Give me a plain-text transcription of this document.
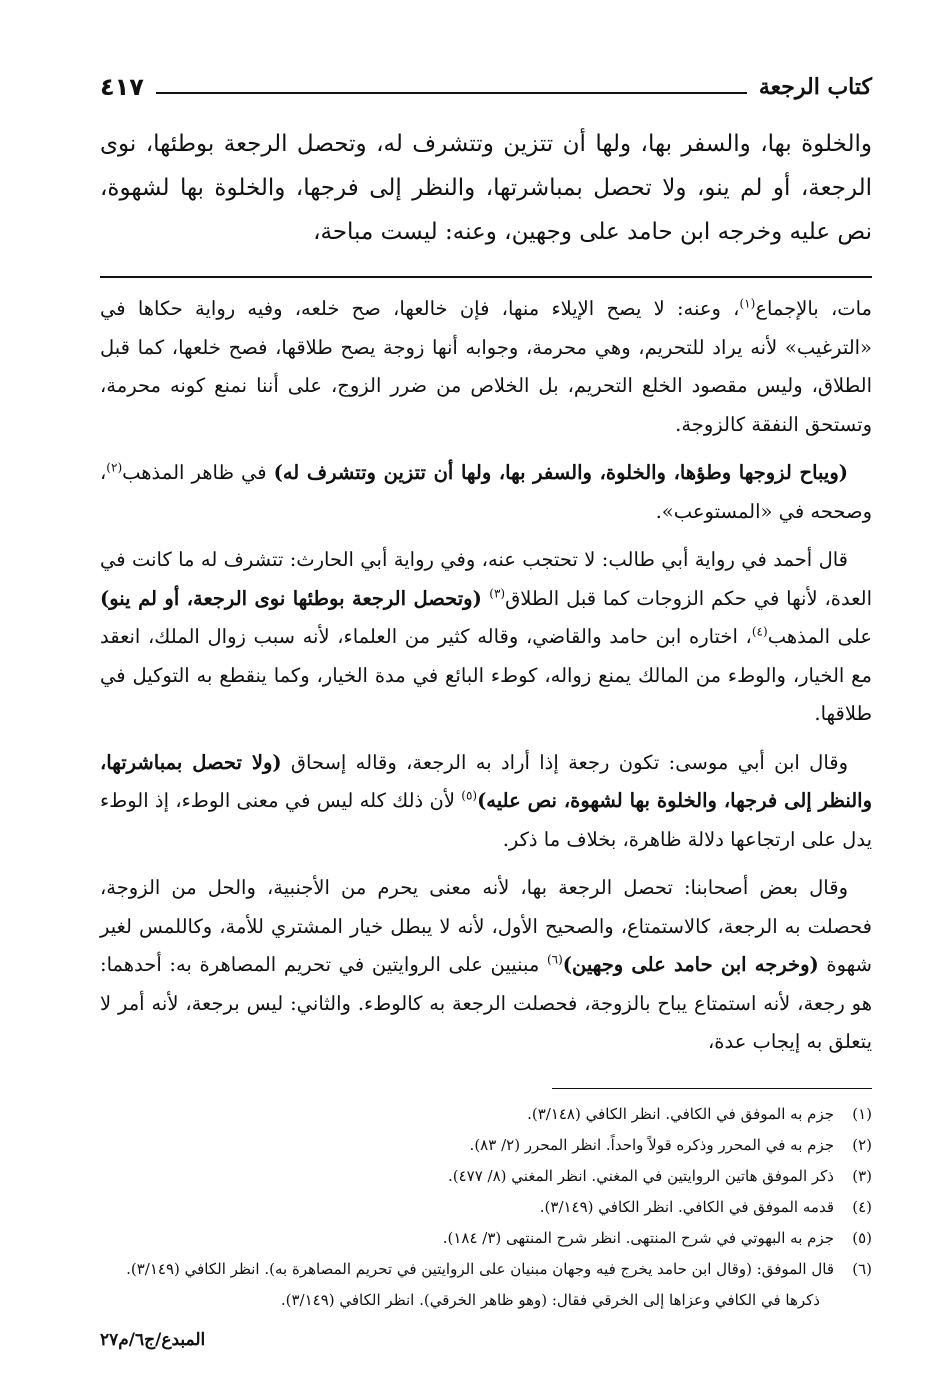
كتاب الرجعة
٤١٧

والخلوة بها، والسفر بها، ولها أن تتزين وتتشرف له، وتحصل الرجعة بوطئها، نوى الرجعة، أو لم ينو، ولا تحصل بمباشرتها، والنظر إلى فرجها، والخلوة بها لشهوة، نص عليه وخرجه ابن حامد على وجهين، وعنه: ليست مباحة،

مات، بالإجماع$^{(١)}$، وعنه: لا يصح الإيلاء منها، فإن خالعها، صح خلعه، وفيه رواية حكاها في «الترغيب» لأنه يراد للتحريم، وهي محرمة، وجوابه أنها زوجة يصح طلاقها، فصح خلعها، كما قبل الطلاق، وليس مقصود الخلع التحريم، بل الخلاص من ضرر الزوج، على أننا نمنع كونه محرمة، وتستحق النفقة كالزوجة.

(ويباح لزوجها وطؤها، والخلوة، والسفر بها، ولها أن تتزين وتتشرف له) في ظاهر المذهب$^{(٢)}$، وصححه في «المستوعب».

قال أحمد في رواية أبي طالب: لا تحتجب عنه، وفي رواية أبي الحارث: تتشرف له ما كانت في العدة، لأنها في حكم الزوجات كما قبل الطلاق$^{(٣)}$ (وتحصل الرجعة بوطئها نوى الرجعة، أو لم ينو) على المذهب$^{(٤)}$، اختاره ابن حامد والقاضي، وقاله كثير من العلماء، لأنه سبب زوال الملك، انعقد مع الخيار، والوطء من المالك يمنع زواله، كوطء البائع في مدة الخيار، وكما ينقطع به التوكيل في طلاقها.

وقال ابن أبي موسى: تكون رجعة إذا أراد به الرجعة، وقاله إسحاق (ولا تحصل بمباشرتها، والنظر إلى فرجها، والخلوة بها لشهوة، نص عليه)$^{(٥)}$ لأن ذلك كله ليس في معنى الوطء، إذ الوطء يدل على ارتجاعها دلالة ظاهرة، بخلاف ما ذكر.

وقال بعض أصحابنا: تحصل الرجعة بها، لأنه معنى يحرم من الأجنبية، والحل من الزوجة، فحصلت به الرجعة، كالاستمتاع، والصحيح الأول، لأنه لا يبطل خيار المشتري للأمة، وكاللمس لغير شهوة (وخرجه ابن حامد على وجهين)$^{(٦)}$ مبنيين على الروايتين في تحريم المصاهرة به: أحدهما: هو رجعة، لأنه استمتاع يباح بالزوجة، فحصلت الرجعة به كالوطء. والثاني: ليس برجعة، لأنه أمر لا يتعلق به إيجاب عدة،

(١)
جزم به الموفق في الكافي. انظر الكافي (٣/١٤٨).
(٢)
جزم به في المحرر وذكره قولاً واحداً. انظر المحرر (٢/ ٨٣).
(٣)
ذكر الموفق هاتين الروايتين في المغني. انظر المغني (٨/ ٤٧٧).
(٤)
قدمه الموفق في الكافي. انظر الكافي (٣/١٤٩).
(٥)
جزم به البهوتي في شرح المنتهى. انظر شرح المنتهى (٣/ ١٨٤).
(٦)
قال الموفق: (وقال ابن حامد يخرج فيه وجهان مبنيان على الروايتين في تحريم المصاهرة به). انظر الكافي (٣/١٤٩).
ذكرها في الكافي وعزاها إلى الخرقي فقال: (وهو ظاهر الخرقي). انظر الكافي (٣/١٤٩).
المبدع/ج٦/م٢٧
